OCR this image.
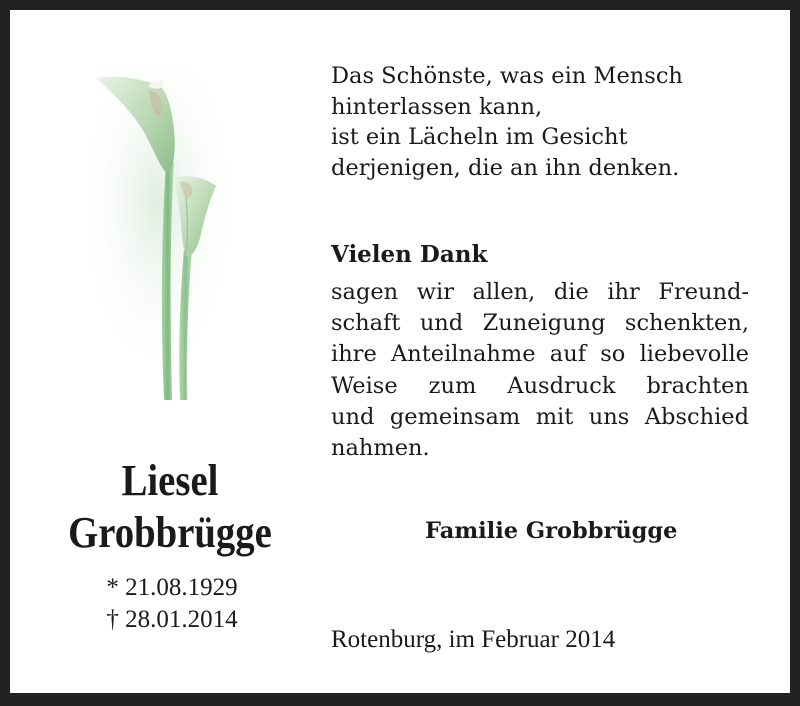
Liesel
Grobbrügge
* 21.08.1929
† 28.01.2014
Das Schönste, was ein Mensch
hinterlassen kann,
ist ein Lächeln im Gesicht
derjenigen, die an ihn denken.
Vielen Dank
sagen wir allen, die ihr Freund-
schaft und Zuneigung schenkten,
ihre Anteilnahme auf so liebevolle
Weise zum Ausdruck brachten
und gemeinsam mit uns Abschied
nahmen.
Familie Grobbrügge
Rotenburg, im Februar 2014
